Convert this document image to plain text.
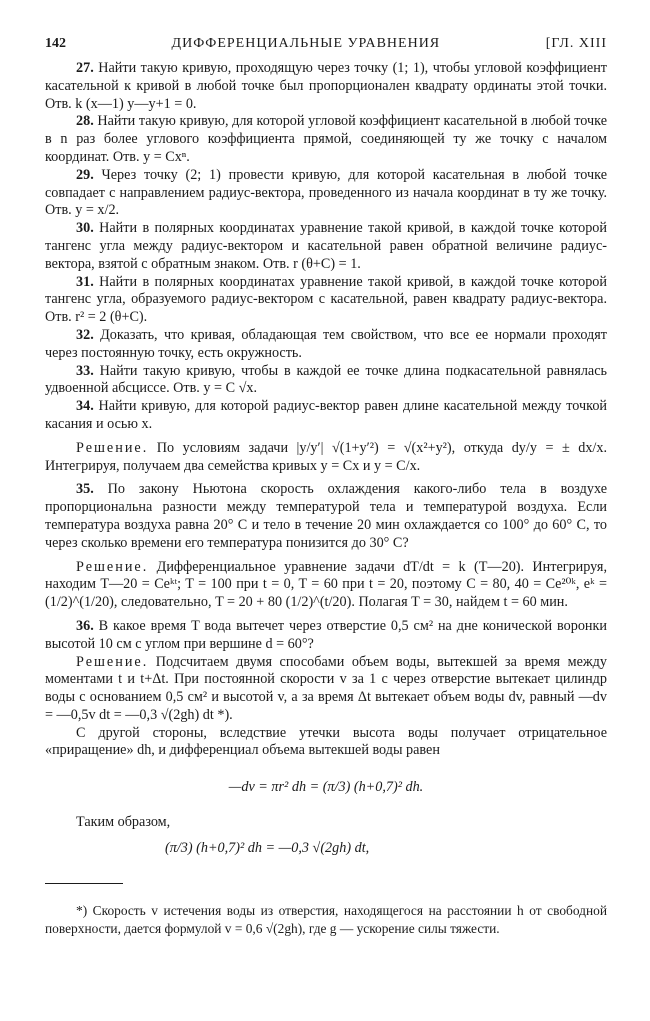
142	ДИФФЕРЕНЦИАЛЬНЫЕ УРАВНЕНИЯ	[ГЛ. XIII

27. Найти такую кривую, проходящую через точку (1; 1), чтобы угловой коэффициент касательной к кривой в любой точке был пропорционален квадрату ординаты этой точки. Отв. k (x—1) y—y+1 = 0.

28. Найти такую кривую, для которой угловой коэффициент касательной в любой точке в n раз более углового коэффициента прямой, соединяющей ту же точку с началом координат. Отв. y = Cxⁿ.

29. Через точку (2; 1) провести кривую, для которой касательная в любой точке совпадает с направлением радиус-вектора, проведенного из начала координат в ту же точку. Отв. y = x/2.

30. Найти в полярных координатах уравнение такой кривой, в каждой точке которой тангенс угла между радиус-вектором и касательной равен обратной величине радиус-вектора, взятой с обратным знаком. Отв. r (θ+C) = 1.

31. Найти в полярных координатах уравнение такой кривой, в каждой точке которой тангенс угла, образуемого радиус-вектором с касательной, равен квадрату радиус-вектора. Отв. r² = 2 (θ+C).

32. Доказать, что кривая, обладающая тем свойством, что все ее нормали проходят через постоянную точку, есть окружность.

33. Найти такую кривую, чтобы в каждой ее точке длина подкасательной равнялась удвоенной абсциссе. Отв. y = C √x.

34. Найти кривую, для которой радиус-вектор равен длине касательной между точкой касания и осью x.

Решение. По условиям задачи |y/y′| √(1+y′²) = √(x²+y²), откуда dy/y = ± dx/x. Интегрируя, получаем два семейства кривых y = Cx и y = C/x.

35. По закону Ньютона скорость охлаждения какого-либо тела в воздухе пропорциональна разности между температурой тела и температурой воздуха. Если температура воздуха равна 20° C и тело в течение 20 мин охлаждается со 100° до 60° C, то через сколько времени его температура понизится до 30° C?

Решение. Дифференциальное уравнение задачи dT/dt = k (T—20). Интегрируя, находим T—20 = Ceᵏᵗ; T = 100 при t = 0, T = 60 при t = 20, поэтому C = 80, 40 = Ce²⁰ᵏ, eᵏ = (1/2)^(1/20), следовательно, T = 20 + 80 (1/2)^(t/20). Полагая T = 30, найдем t = 60 мин.

36. В какое время T вода вытечет через отверстие 0,5 см² на дне конической воронки высотой 10 см с углом при вершине d = 60°?

Решение. Подсчитаем двумя способами объем воды, вытекшей за время между моментами t и t+Δt. При постоянной скорости v за 1 с через отверстие вытекает цилиндр воды с основанием 0,5 см² и высотой v, а за время Δt вытекает объем воды dv, равный —dv = —0,5v dt = —0,3 √(2gh) dt *).

С другой стороны, вследствие утечки высота воды получает отрицательное «приращение» dh, и дифференциал объема вытекшей воды равен

—dv = πr² dh = (π/3) (h+0,7)² dh.

Таким образом,

(π/3) (h+0,7)² dh = —0,3 √(2gh) dt,

*) Скорость v истечения воды из отверстия, находящегося на расстоянии h от свободной поверхности, дается формулой v = 0,6 √(2gh), где g — ускорение силы тяжести.
